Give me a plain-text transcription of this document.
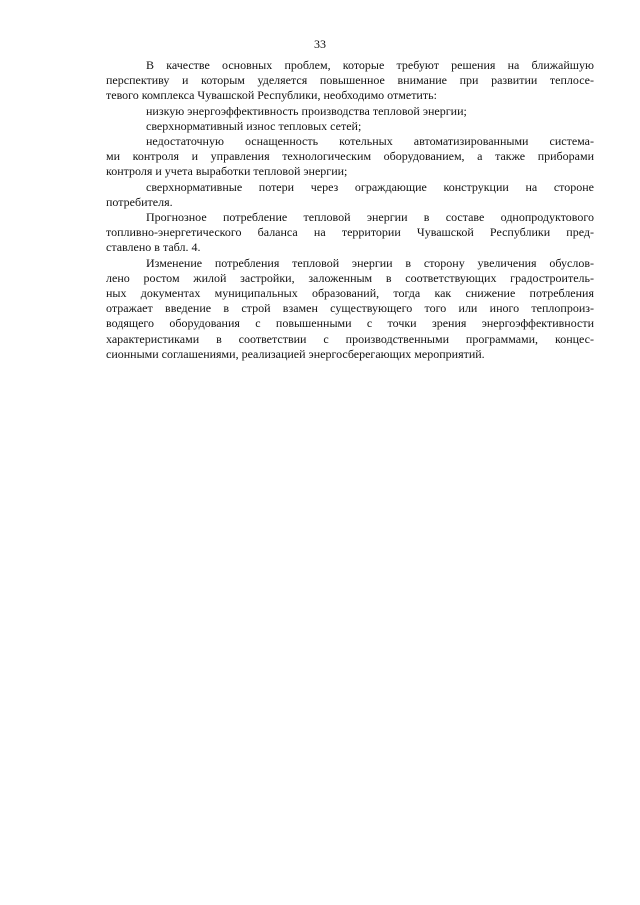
33

В качестве основных проблем, которые требуют решения на ближайшую
перспективу и которым уделяется повышенное внимание при развитии теплосе-
тевого комплекса Чувашской Республики, необходимо отметить:

низкую энергоэффективность производства тепловой энергии;

сверхнормативный износ тепловых сетей;

недостаточную оснащенность котельных автоматизированными система-
ми контроля и управления технологическим оборудованием, а также приборами
контроля и учета выработки тепловой энергии;

сверхнормативные потери через ограждающие конструкции на стороне
потребителя.

Прогнозное потребление тепловой энергии в составе однопродуктового
топливно-энергетического баланса на территории Чувашской Республики пред-
ставлено в табл. 4.

Изменение потребления тепловой энергии в сторону увеличения обуслов-
лено ростом жилой застройки, заложенным в соответствующих градостроитель-
ных документах муниципальных образований, тогда как снижение потребления
отражает введение в строй взамен существующего того или иного теплопроиз-
водящего оборудования с повышенными с точки зрения энергоэффективности
характеристиками в соответствии с производственными программами, концес-
сионными соглашениями, реализацией энергосберегающих мероприятий.
